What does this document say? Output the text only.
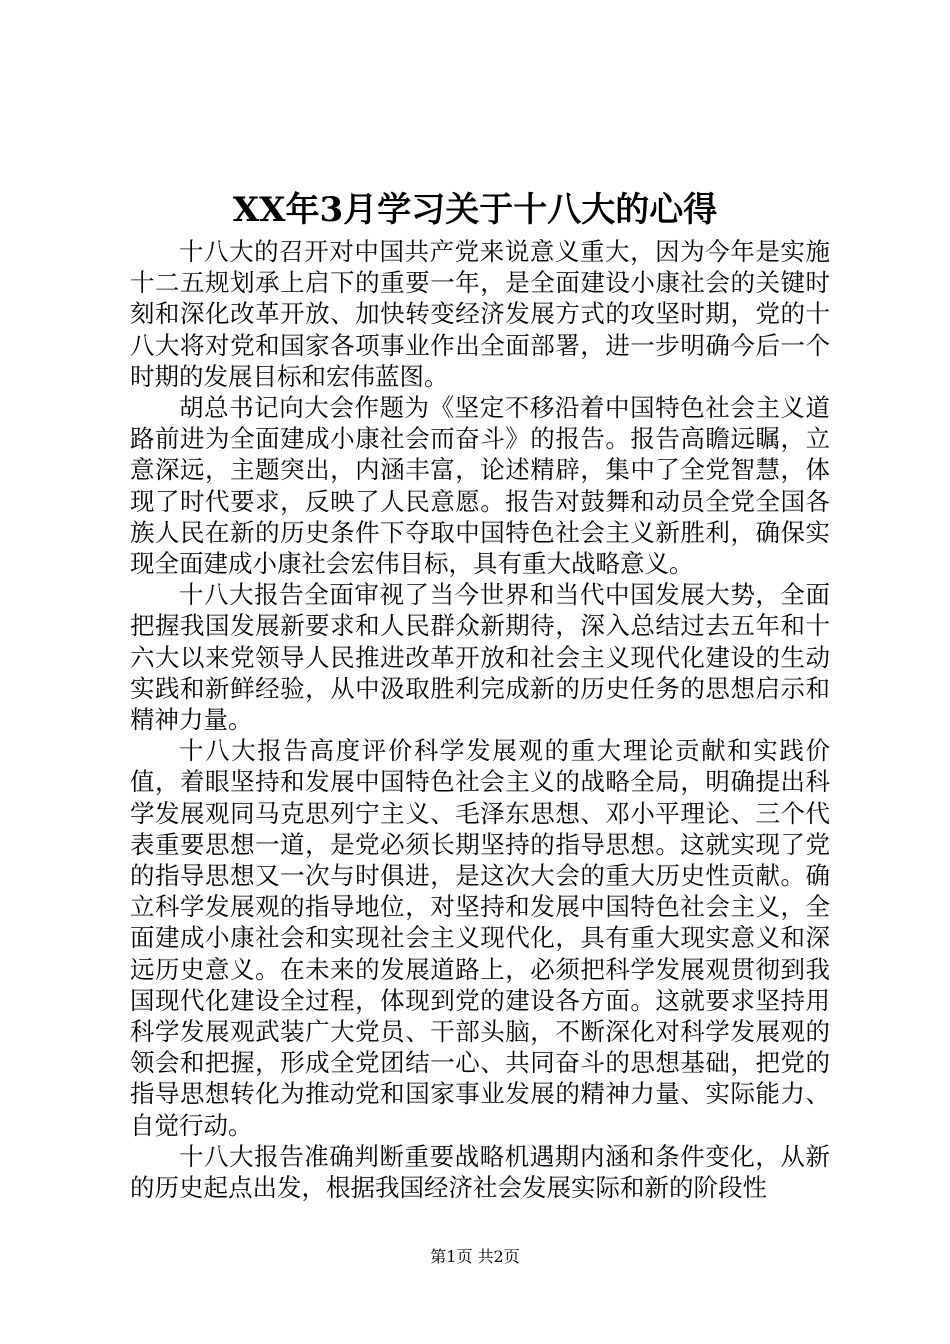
XX年3月学习关于十八大的心得

十八大的召开对中国共产党来说意义重大，因为今年是实施十二五规划承上启下的重要一年，是全面建设小康社会的关键时刻和深化改革开放、加快转变经济发展方式的攻坚时期，党的十八大将对党和国家各项事业作出全面部署，进一步明确今后一个时期的发展目标和宏伟蓝图。

胡总书记向大会作题为《坚定不移沿着中国特色社会主义道路前进为全面建成小康社会而奋斗》的报告。报告高瞻远瞩，立意深远，主题突出，内涵丰富，论述精辟，集中了全党智慧，体现了时代要求，反映了人民意愿。报告对鼓舞和动员全党全国各族人民在新的历史条件下夺取中国特色社会主义新胜利，确保实现全面建成小康社会宏伟目标，具有重大战略意义。

十八大报告全面审视了当今世界和当代中国发展大势，全面把握我国发展新要求和人民群众新期待，深入总结过去五年和十六大以来党领导人民推进改革开放和社会主义现代化建设的生动实践和新鲜经验，从中汲取胜利完成新的历史任务的思想启示和精神力量。

十八大报告高度评价科学发展观的重大理论贡献和实践价值，着眼坚持和发展中国特色社会主义的战略全局，明确提出科学发展观同马克思列宁主义、毛泽东思想、邓小平理论、三个代表重要思想一道，是党必须长期坚持的指导思想。这就实现了党的指导思想又一次与时俱进，是这次大会的重大历史性贡献。确立科学发展观的指导地位，对坚持和发展中国特色社会主义，全面建成小康社会和实现社会主义现代化，具有重大现实意义和深远历史意义。在未来的发展道路上，必须把科学发展观贯彻到我国现代化建设全过程，体现到党的建设各方面。这就要求坚持用科学发展观武装广大党员、干部头脑，不断深化对科学发展观的领会和把握，形成全党团结一心、共同奋斗的思想基础，把党的指导思想转化为推动党和国家事业发展的精神力量、实际能力、自觉行动。

十八大报告准确判断重要战略机遇期内涵和条件变化，从新的历史起点出发，根据我国经济社会发展实际和新的阶段性

第1页 共2页
